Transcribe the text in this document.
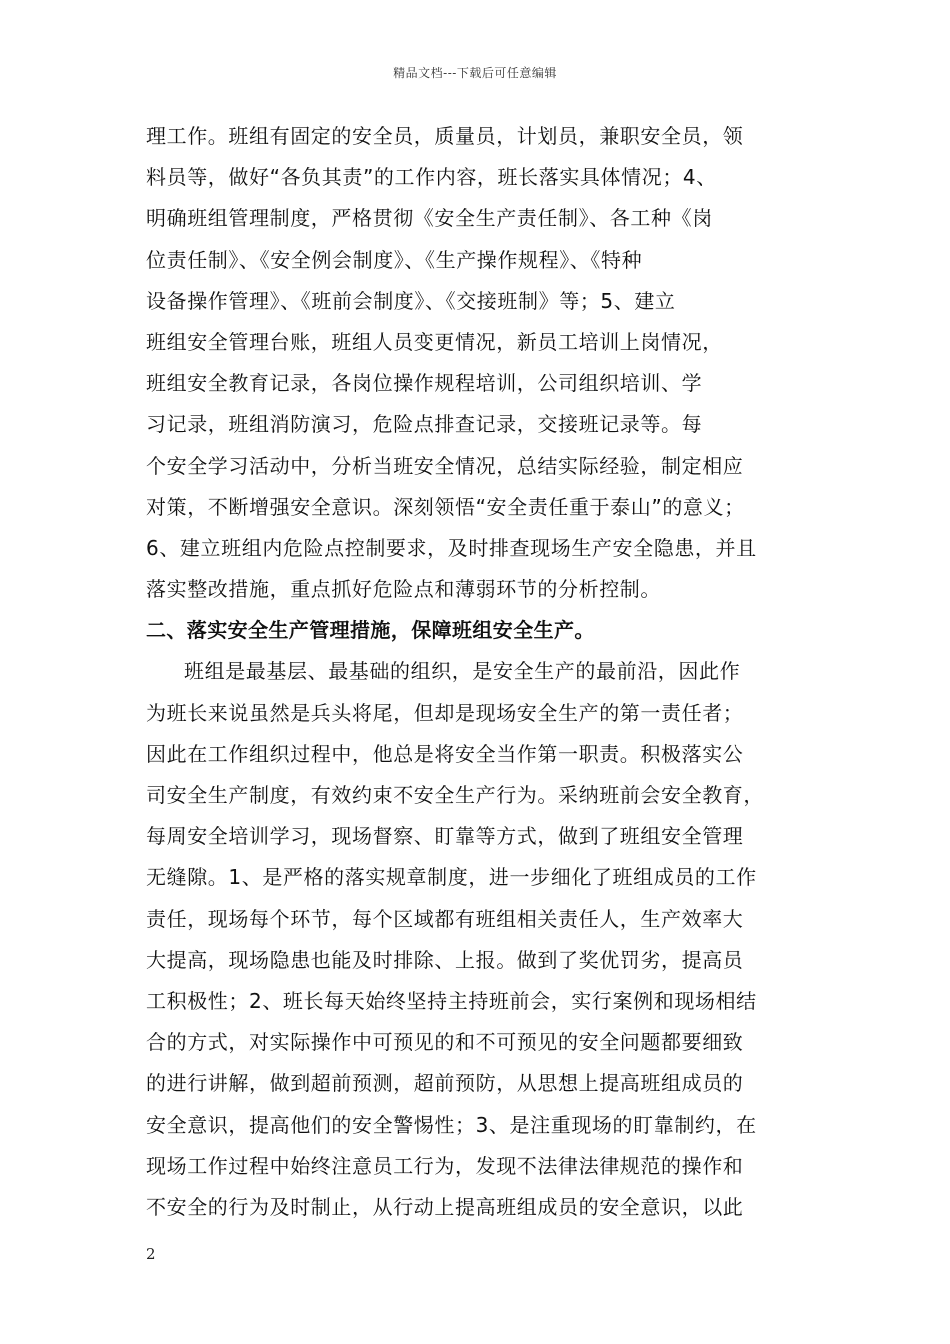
精品文档---下载后可任意编辑
理工作。班组有固定的安全员，质量员，计划员，兼职安全员，领
料员等，做好“各负其责”的工作内容，班长落实具体情况；4、
明确班组管理制度，严格贯彻《安全生产责任制》、各工种《岗
位责任制》、《安全例会制度》、《生产操作规程》、《特种
设备操作管理》、《班前会制度》、《交接班制》等；5、建立
班组安全管理台账，班组人员变更情况，新员工培训上岗情况，
班组安全教育记录，各岗位操作规程培训，公司组织培训、学
习记录，班组消防演习，危险点排查记录，交接班记录等。每
个安全学习活动中，分析当班安全情况，总结实际经验，制定相应
对策，不断增强安全意识。深刻领悟“安全责任重于泰山”的意义；
6、建立班组内危险点控制要求，及时排查现场生产安全隐患，并且
落实整改措施，重点抓好危险点和薄弱环节的分析控制。
二、落实安全生产管理措施，保障班组安全生产。
班组是最基层、最基础的组织，是安全生产的最前沿，因此作
为班长来说虽然是兵头将尾，但却是现场安全生产的第一责任者；
因此在工作组织过程中，他总是将安全当作第一职责。积极落实公
司安全生产制度，有效约束不安全生产行为。采纳班前会安全教育，
每周安全培训学习，现场督察、盯靠等方式，做到了班组安全管理
无缝隙。1、是严格的落实规章制度，进一步细化了班组成员的工作
责任，现场每个环节，每个区域都有班组相关责任人，生产效率大
大提高，现场隐患也能及时排除、上报。做到了奖优罚劣，提高员
工积极性；2、班长每天始终坚持主持班前会，实行案例和现场相结
合的方式，对实际操作中可预见的和不可预见的安全问题都要细致
的进行讲解，做到超前预测，超前预防，从思想上提高班组成员的
安全意识，提高他们的安全警惕性；3、是注重现场的盯靠制约，在
现场工作过程中始终注意员工行为，发现不法律法律规范的操作和
不安全的行为及时制止，从行动上提高班组成员的安全意识，以此
2
